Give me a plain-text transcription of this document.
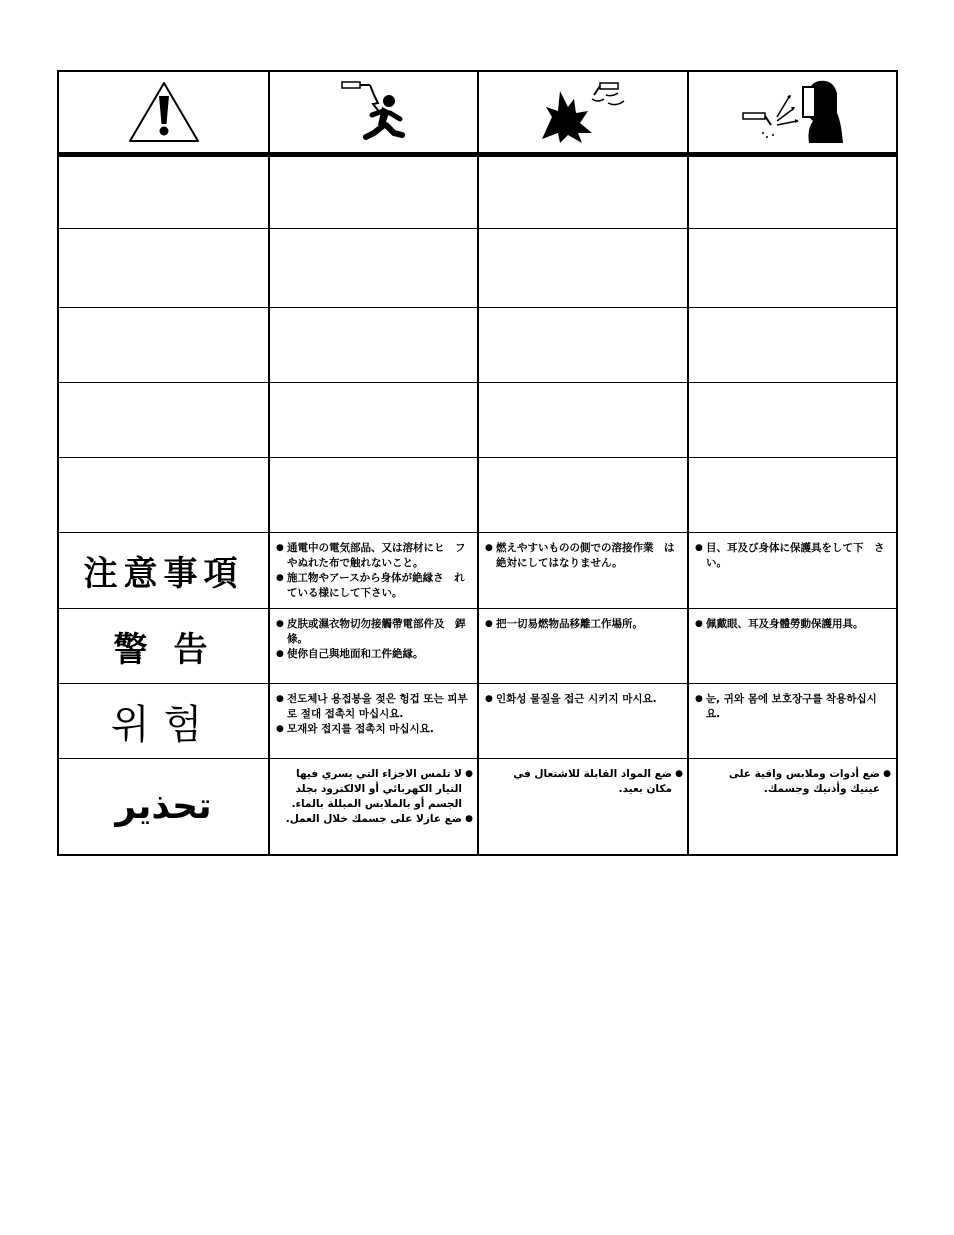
注意事項
● 通電中の電気部品、又は溶材にヒ　フやぬれた布で触れないこと。
● 施工物やアースから身体が絶縁さ　れている様にして下さい。
● 燃えやすいものの側での溶接作業　は絶対にしてはなりません。
● 目、耳及び身体に保護具をして下　さい。
警告
● 皮肤或濕衣物切勿接觸帶電部件及　銲條。
● 使你自己與地面和工件絶縁。
● 把一切易燃物品移離工作場所。	● 佩戴眼、耳及身體勞動保護用具。
위험
● 전도체나 용접봉을 젖은 헝겁 또는 피부로 절대 접촉치 마십시요.
● 모재와 접지를 접촉치 마십시요.
● 인화성 물질을 접근 시키지 마시요.	● 눈, 귀와 몸에 보호장구를 착용하십시요.
تحذير
●
لا تلمس الاجزاء التي يسري فيها التيار الكهربائي أو الالكترود بجلد الجسم أو بالملابس المبللة بالماء.
●
ضع عازلا على جسمك خلال العمل.
●
ضع المواد القابلة للاشتعال في مكان بعيد.
●
ضع أدوات وملابس واقية على عينيك وأذنيك وجسمك.
